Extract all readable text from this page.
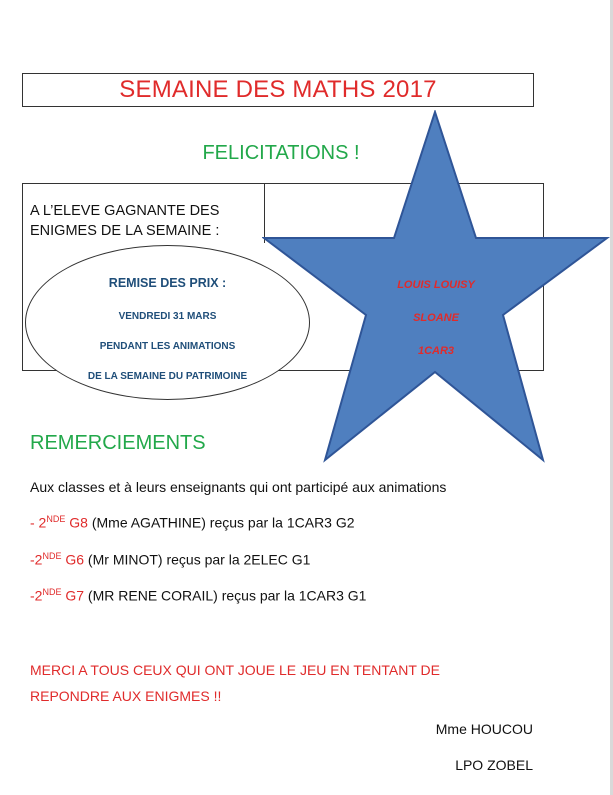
SEMAINE DES MATHS 2017
FELICITATIONS !
A L’ELEVE GAGNANTE DES
ENIGMES DE LA SEMAINE :
REMISE DES PRIX :
VENDREDI 31 MARS
PENDANT LES ANIMATIONS
DE LA SEMAINE DU PATRIMOINE
LOUIS LOUISY
SLOANE
1CAR3
REMERCIEMENTS
Aux classes et à leurs enseignants qui ont participé aux animations
- 2NDE G8 (Mme AGATHINE) reçus par la 1CAR3 G2
-2NDE G6 (Mr MINOT) reçus par la 2ELEC G1
-2NDE G7 (MR RENE CORAIL) reçus par la 1CAR3 G1
MERCI A TOUS CEUX QUI ONT JOUE LE JEU EN TENTANT DE
REPONDRE AUX ENIGMES !!
Mme HOUCOU
LPO ZOBEL
